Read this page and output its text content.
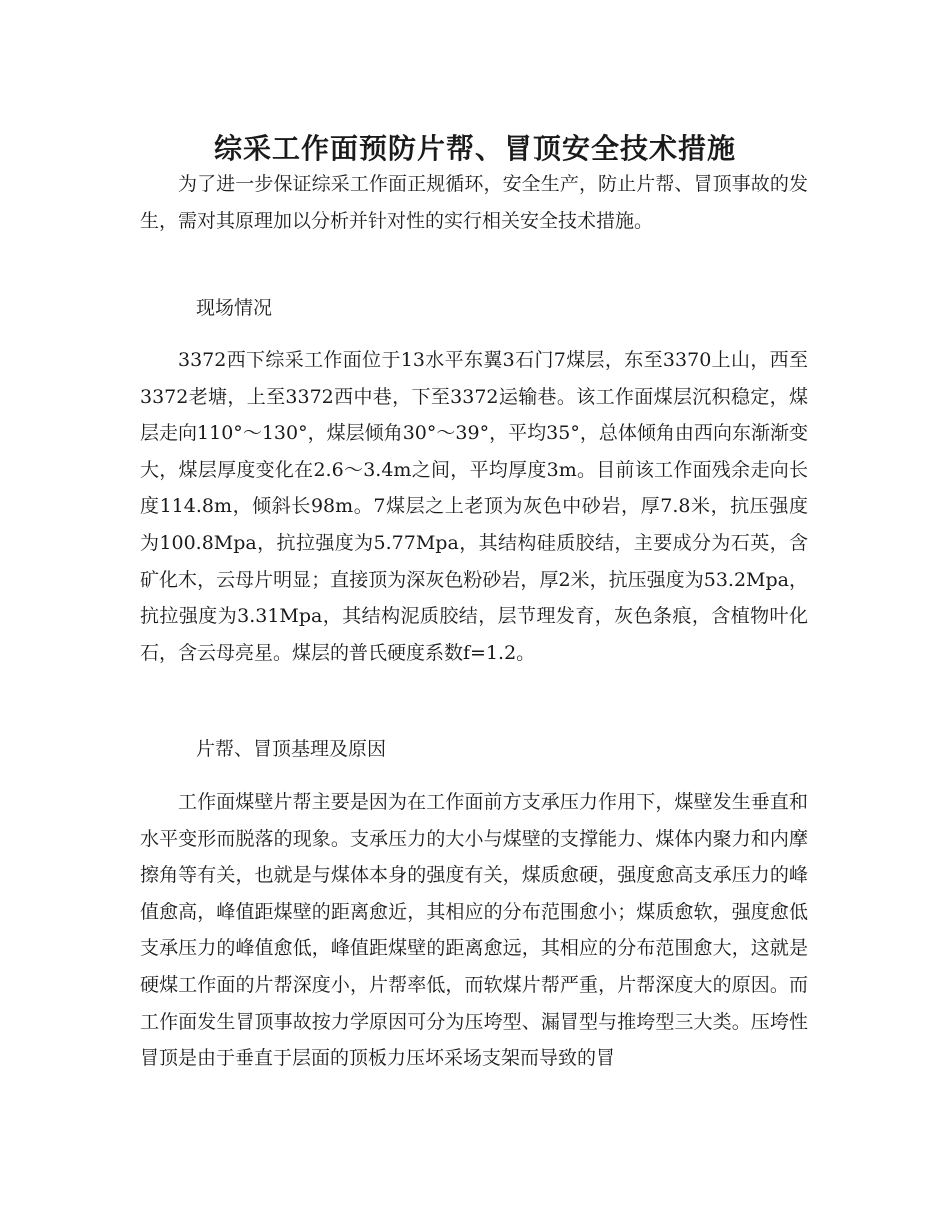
综采工作面预防片帮、冒顶安全技术措施

为了进一步保证综采工作面正规循环，安全生产，防止片帮、冒顶事故的发生，需对其原理加以分析并针对性的实行相关安全技术措施。

现场情况

3372西下综采工作面位于13水平东翼3石门7煤层，东至3370上山，西至3372老塘，上至3372西中巷，下至3372运输巷。该工作面煤层沉积稳定，煤层走向110°～130°，煤层倾角30°～39°，平均35°，总体倾角由西向东渐渐变大，煤层厚度变化在2.6～3.4m之间，平均厚度3m。目前该工作面残余走向长度114.8m，倾斜长98m。7煤层之上老顶为灰色中砂岩，厚7.8米，抗压强度为100.8Mpa，抗拉强度为5.77Mpa，其结构硅质胶结，主要成分为石英，含矿化木，云母片明显；直接顶为深灰色粉砂岩，厚2米，抗压强度为53.2Mpa，抗拉强度为3.31Mpa，其结构泥质胶结，层节理发育，灰色条痕，含植物叶化石，含云母亮星。煤层的普氏硬度系数f=1.2。

片帮、冒顶基理及原因

工作面煤壁片帮主要是因为在工作面前方支承压力作用下，煤壁发生垂直和水平变形而脱落的现象。支承压力的大小与煤壁的支撑能力、煤体内聚力和内摩擦角等有关，也就是与煤体本身的强度有关，煤质愈硬，强度愈高支承压力的峰值愈高，峰值距煤壁的距离愈近，其相应的分布范围愈小；煤质愈软，强度愈低支承压力的峰值愈低，峰值距煤壁的距离愈远，其相应的分布范围愈大，这就是硬煤工作面的片帮深度小，片帮率低，而软煤片帮严重，片帮深度大的原因。而工作面发生冒顶事故按力学原因可分为压垮型、漏冒型与推垮型三大类。压垮性冒顶是由于垂直于层面的顶板力压坏采场支架而导致的冒
